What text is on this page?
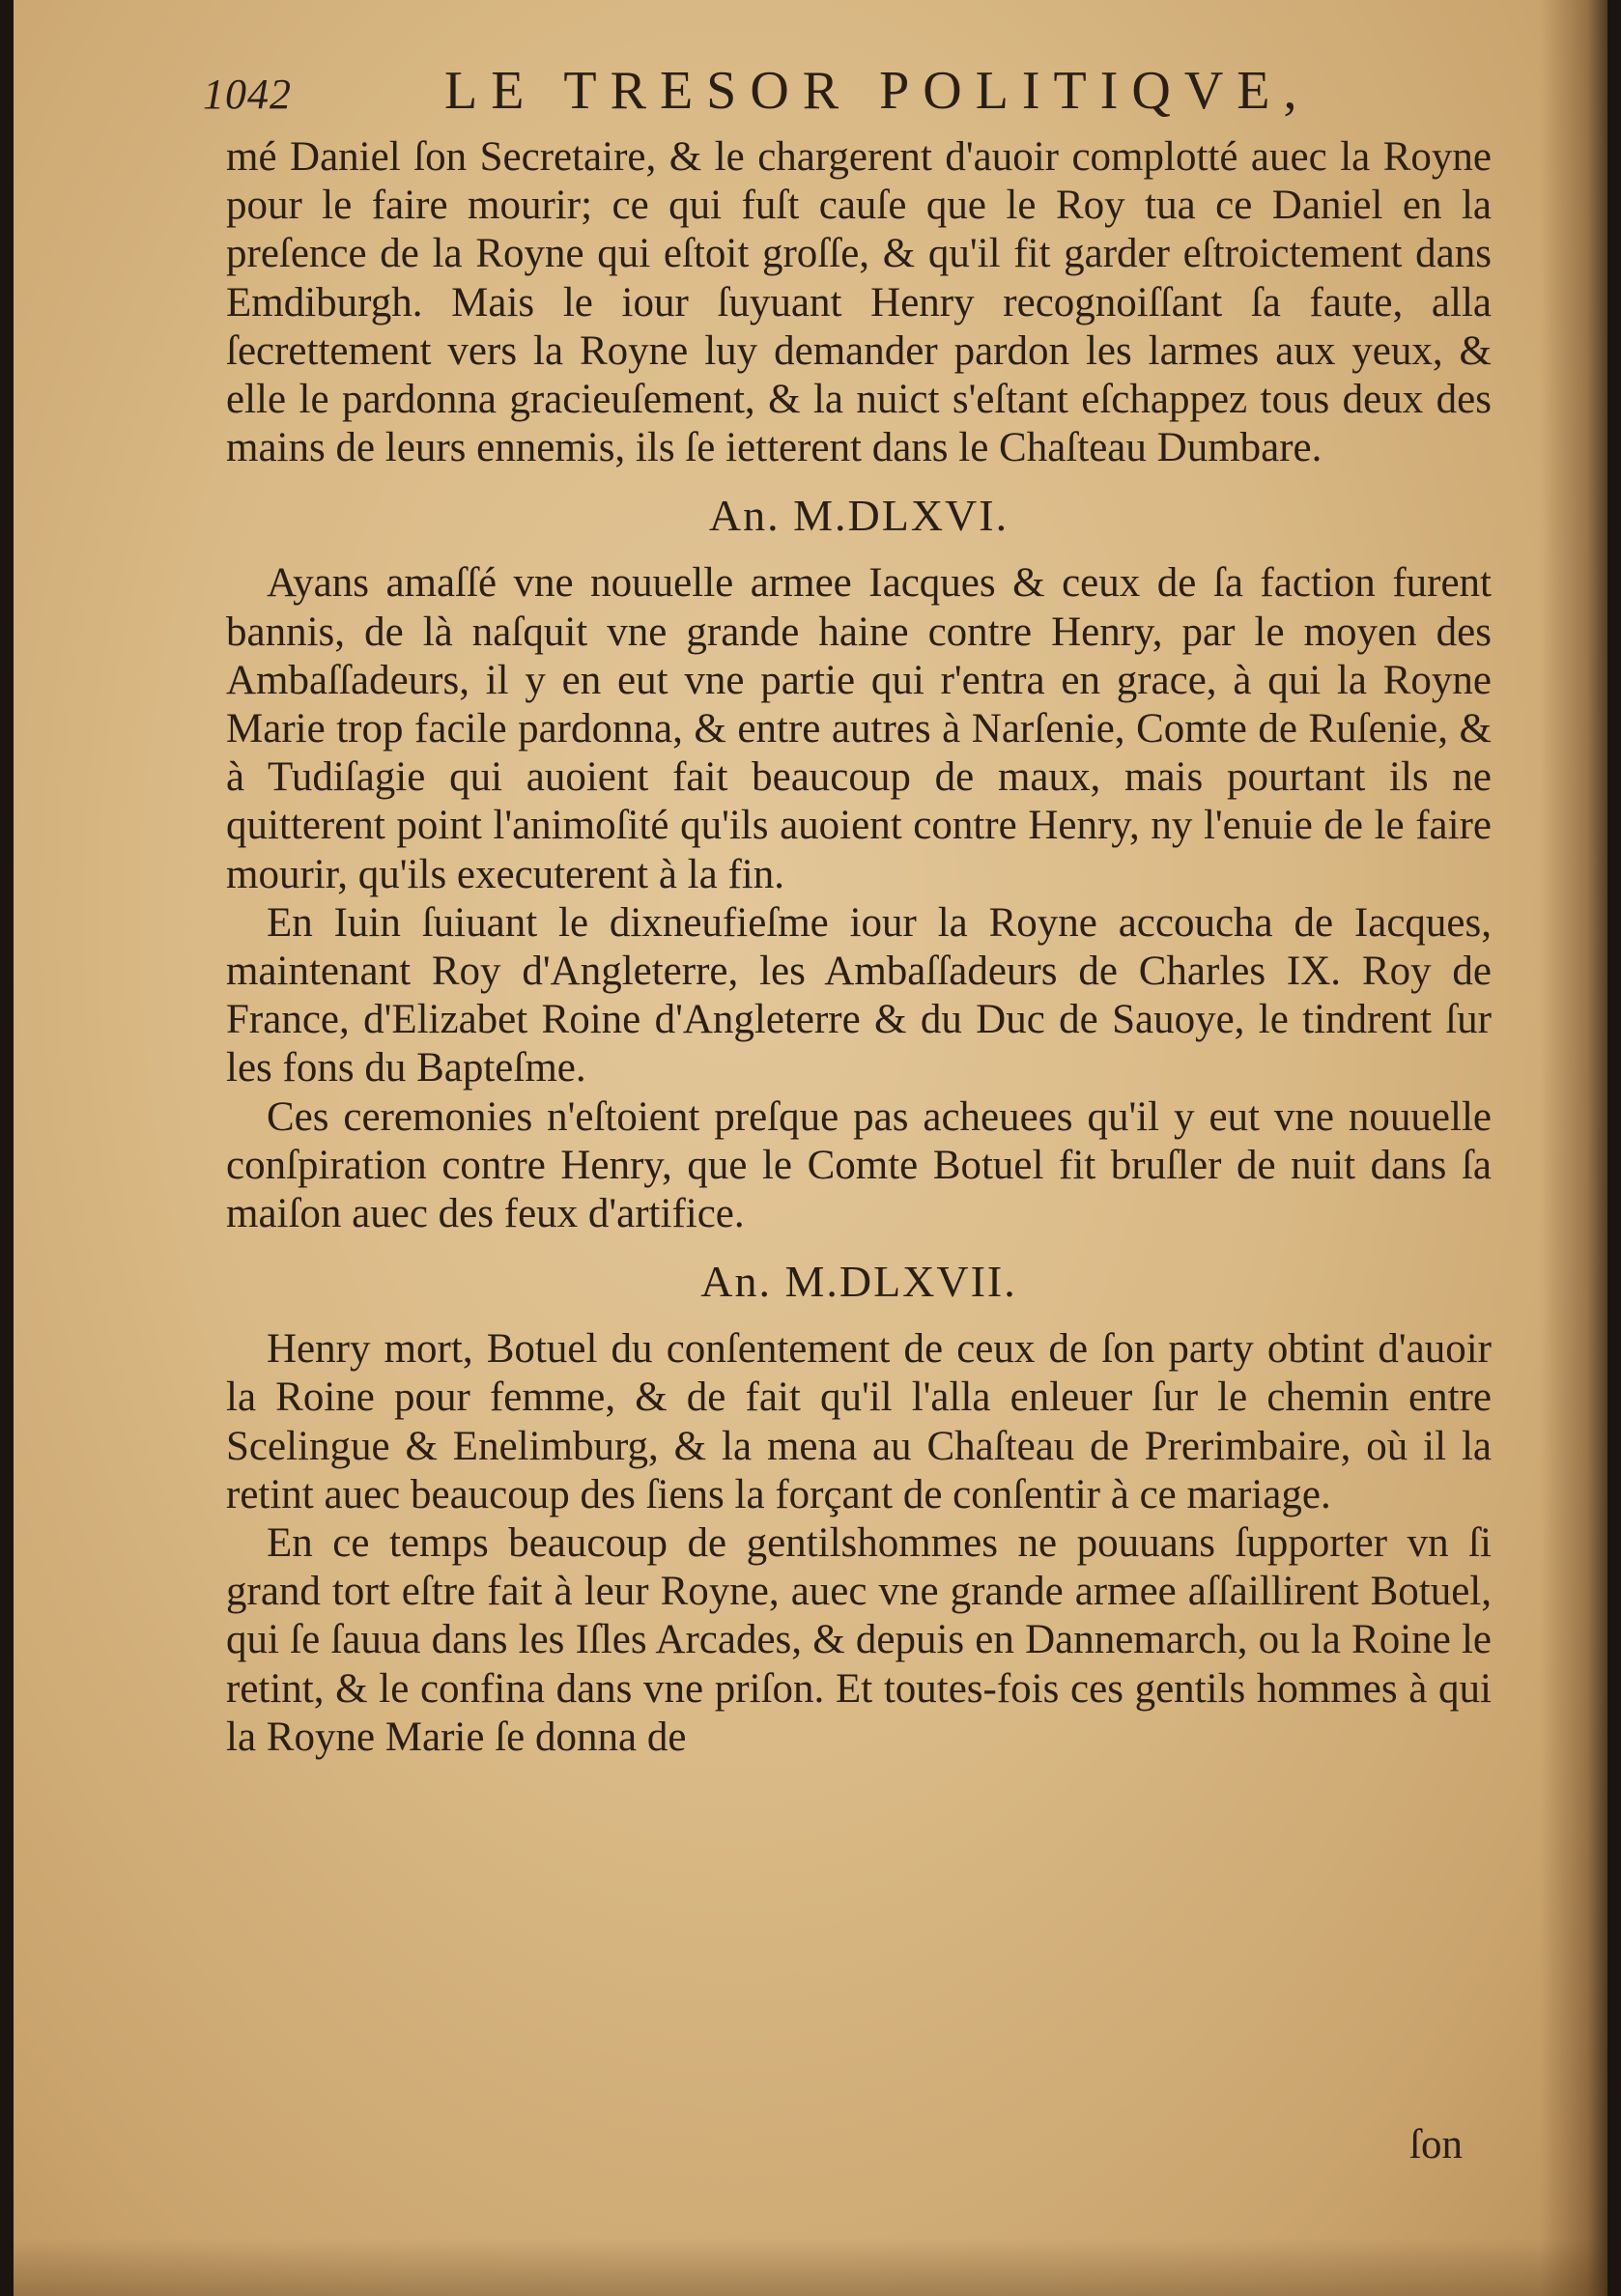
1042	LE TRESOR POLITIQVE,

mé Daniel ſon Secretaire, & le chargerent d'auoir complotté auec la Royne pour le faire mourir; ce qui fuſt cauſe que le Roy tua ce Daniel en la preſence de la Royne qui eſtoit groſſe, & qu'il fit garder eſtroictement dans Emdiburgh. Mais le iour ſuyuant Henry recognoiſſant ſa faute, alla ſecrettement vers la Royne luy demander pardon les larmes aux yeux, & elle le pardonna gracieuſement, & la nuict s'eſtant eſchappez tous deux des mains de leurs ennemis, ils ſe ietterent dans le Chaſteau Dumbare.

An. M.DLXVI.

Ayans amaſſé vne nouuelle armee Iacques & ceux de ſa faction furent bannis, de là naſquit vne grande haine contre Henry, par le moyen des Ambaſſadeurs, il y en eut vne partie qui r'entra en grace, à qui la Royne Marie trop facile pardonna, & entre autres à Narſenie, Comte de Ruſenie, & à Tudiſagie qui auoient fait beaucoup de maux, mais pourtant ils ne quitterent point l'animoſité qu'ils auoient contre Henry, ny l'enuie de le faire mourir, qu'ils executerent à la fin.

En Iuin ſuiuant le dixneufieſme iour la Royne accoucha de Iacques, maintenant Roy d'Angleterre, les Ambaſſadeurs de Charles IX. Roy de France, d'Elizabet Roine d'Angleterre & du Duc de Sauoye, le tindrent ſur les fons du Bapteſme.

Ces ceremonies n'eſtoient preſque pas acheuees qu'il y eut vne nouuelle conſpiration contre Henry, que le Comte Botuel fit bruſler de nuit dans ſa maiſon auec des feux d'artifice.

An. M.DLXVII.

Henry mort, Botuel du conſentement de ceux de ſon party obtint d'auoir la Roine pour femme, & de fait qu'il l'alla enleuer ſur le chemin entre Scelingue & Enelimburg, & la mena au Chaſteau de Prerimbaire, où il la retint auec beaucoup des ſiens la forçant de conſentir à ce mariage.

En ce temps beaucoup de gentilshommes ne pouuans ſupporter vn ſi grand tort eſtre fait à leur Royne, auec vne grande armee aſſaillirent Botuel, qui ſe ſauua dans les Iſles Arcades, & depuis en Dannemarch, ou la Roine le retint, & le confina dans vne priſon. Et toutes-fois ces gentils hommes à qui la Royne Marie ſe donna de

ſon
